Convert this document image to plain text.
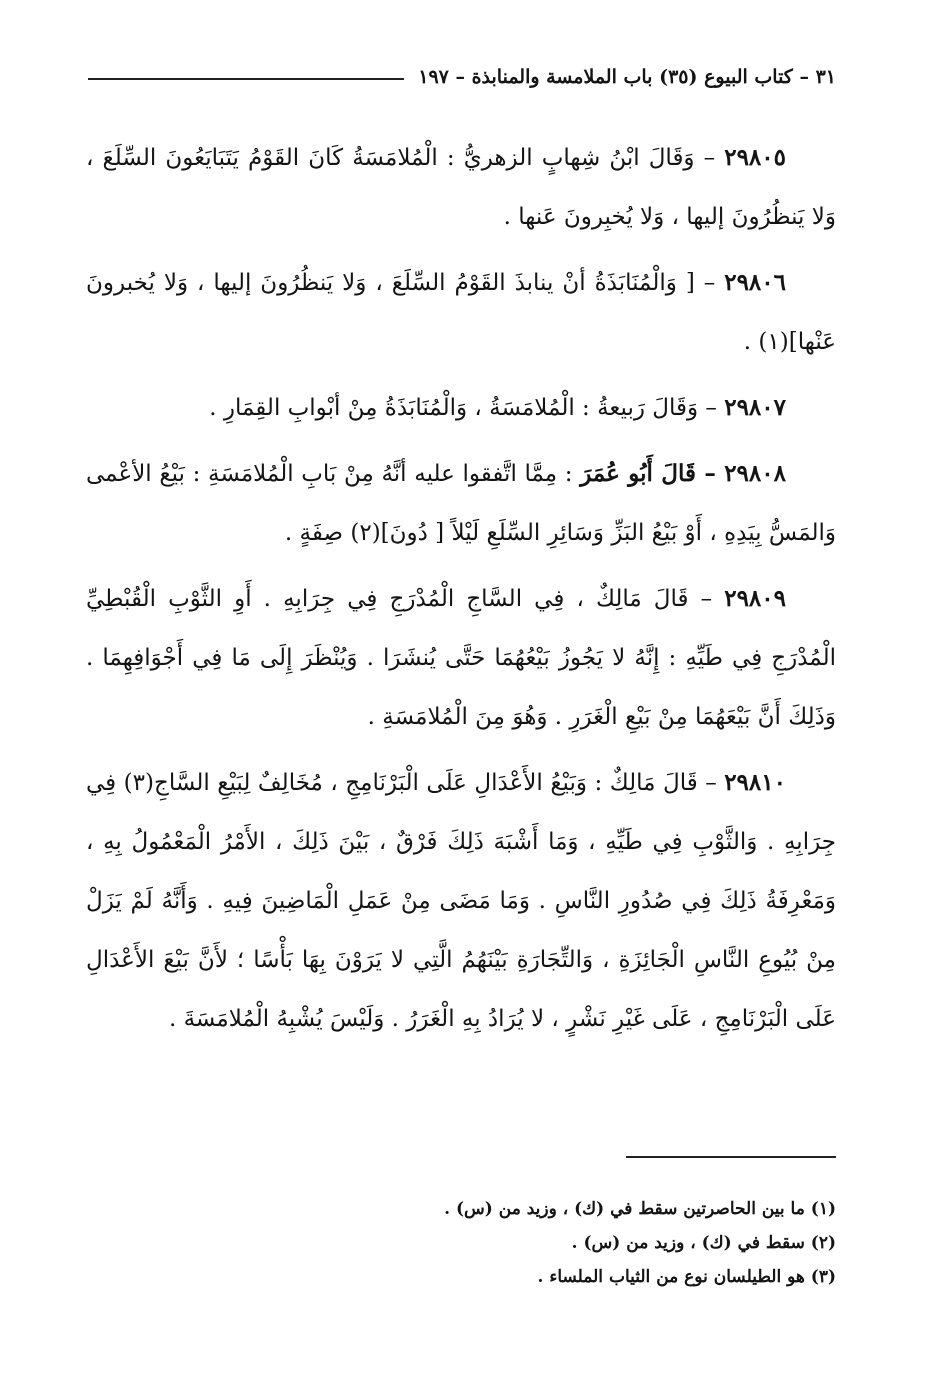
٣١ – كتاب البيوع (٣٥) باب الملامسة والمنابذة – ١٩٧

٢٩٨٠٥ – وَقَالَ ابْنُ شِهابٍ الزهريُّ : الْمُلامَسَةُ كَانَ القَوْمُ يَتَبَايَعُونَ السِّلَعَ ، وَلا يَنظُرُونَ إليها ، وَلا يُخبِرونَ عَنها .

٢٩٨٠٦ – [ وَالْمُنَابَذَةُ أنْ ينابذَ القَوْمُ السِّلَعَ ، وَلا يَنظُرُونَ إليها ، وَلا يُخبرونَ عَنْها](١) .

٢٩٨٠٧ – وَقَالَ رَبيعةُ : الْمُلامَسَةُ ، وَالْمُنَابَذَةُ مِنْ أبْوابِ القِمَارِ .

٢٩٨٠٨ – قَالَ أَبُو عُمَرَ : مِمَّا اتَّفقوا عليه أنَّهُ مِنْ بَابِ الْمُلامَسَةِ : بَيْعُ الأعْمى وَالمَسُّ بِيَدِهِ ، أَوْ بَيْعُ البَزِّ وَسَائِرِ السِّلَعِ لَيْلاً [ دُونَ](٢) صِفَةٍ .

٢٩٨٠٩ – قَالَ مَالِكٌ ، فِي السَّاجِ الْمُدْرَجِ فِي جِرَابِهِ . أَوِ الثَّوْبِ الْقُبْطِيِّ الْمُدْرَجِ فِي طَيِّهِ : إِنَّهُ لا يَجُوزُ بَيْعُهُمَا حَتَّى يُنشَرَا . وَيُنْظَرَ إِلَى مَا فِي أَجْوَافِهِمَا . وَذَلِكَ أَنَّ بَيْعَهُمَا مِنْ بَيْعِ الْغَرَرِ . وَهُوَ مِنَ الْمُلامَسَةِ .

٢٩٨١٠ – قَالَ مَالِكٌ : وَبَيْعُ الأَعْدَالِ عَلَى الْبَرْنَامِجِ ، مُخَالِفٌ لِبَيْعِ السَّاجِ(٣) فِي جِرَابِهِ . وَالثَّوْبِ فِي طَيِّهِ ، وَمَا أَشْبَهَ ذَلِكَ فَرْقٌ ، بَيْنَ ذَلِكَ ، الأَمْرُ الْمَعْمُولُ بِهِ ، وَمَعْرِفَةُ ذَلِكَ فِي صُدُورِ النَّاسِ . وَمَا مَضَى مِنْ عَمَلِ الْمَاضِينَ فِيهِ . وَأَنَّهُ لَمْ يَزَلْ مِنْ بُيُوعِ النَّاسِ الْجَائِزَةِ ، وَالتِّجَارَةِ بَيْنَهُمُ الَّتِي لا يَرَوْنَ بِهَا بَأْسًا ؛ لأَنَّ بَيْعَ الأَعْدَالِ عَلَى الْبَرْنَامِجِ ، عَلَى غَيْرِ نَشْرٍ ، لا يُرَادُ بِهِ الْغَرَرُ . وَلَيْسَ يُشْبِهُ الْمُلامَسَةَ .

(١) ما بين الحاصرتين سقط في (ك) ، وزيد من (س) .

(٢) سقط في (ك) ، وزيد من (س) .

(٣) هو الطيلسان نوع من الثياب الملساء .
